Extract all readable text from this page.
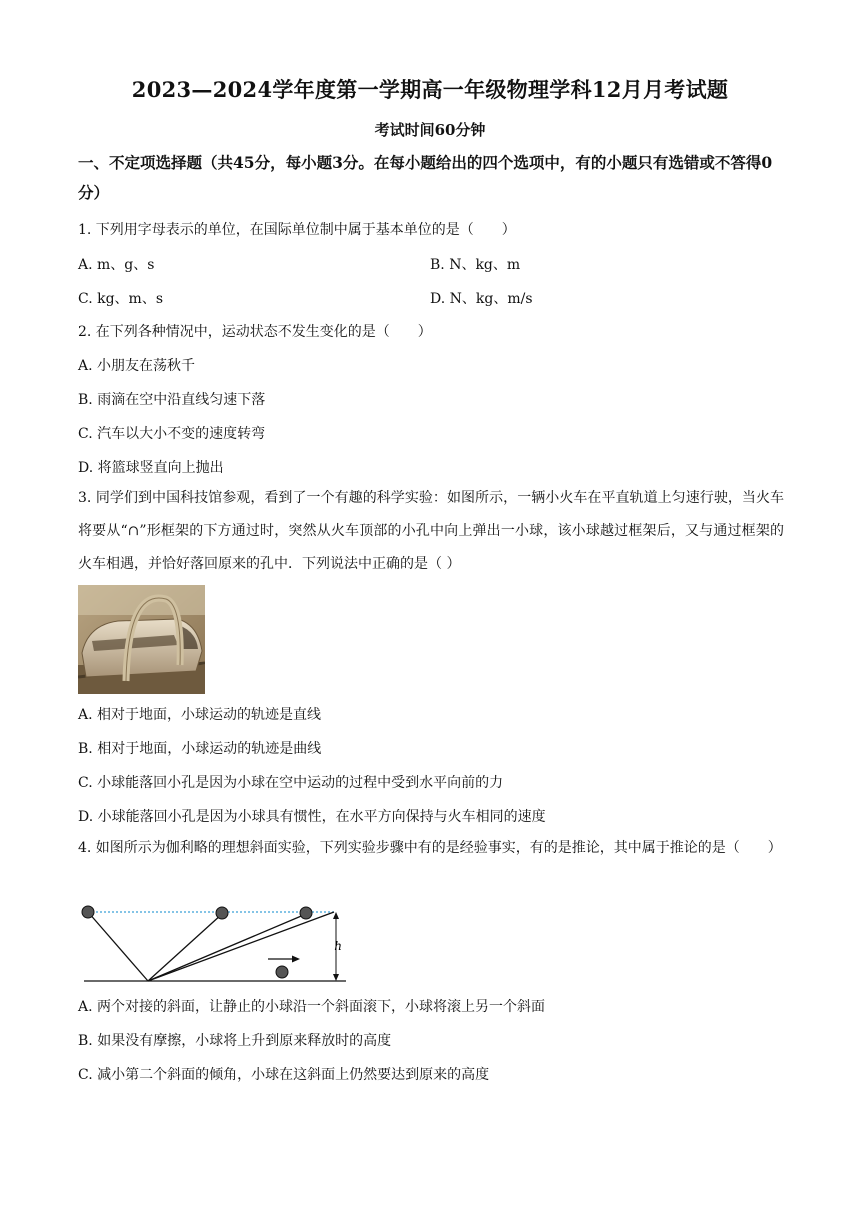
2023—2024学年度第一学期高一年级物理学科12月月考试题
考试时间60分钟
一、不定项选择题（共45分，每小题3分。在每小题给出的四个选项中，有的小题只有选错或不答得0分）
1. 下列用字母表示的单位，在国际单位制中属于基本单位的是（　　）
A. m、g、s	B. N、kg、m
C. kg、m、s	D. N、kg、m/s
2. 在下列各种情况中，运动状态不发生变化的是（　　）
A. 小朋友在荡秋千
B. 雨滴在空中沿直线匀速下落
C. 汽车以大小不变的速度转弯
D. 将篮球竖直向上抛出
3. 同学们到中国科技馆参观，看到了一个有趣的科学实验：如图所示，一辆小火车在平直轨道上匀速行驶，当火车将要从“∩”形框架的下方通过时，突然从火车顶部的小孔中向上弹出一小球，该小球越过框架后，又与通过框架的火车相遇，并恰好落回原来的孔中．下列说法中正确的是（ ）
A. 相对于地面，小球运动的轨迹是直线
B. 相对于地面，小球运动的轨迹是曲线
C. 小球能落回小孔是因为小球在空中运动的过程中受到水平向前的力
D. 小球能落回小孔是因为小球具有惯性，在水平方向保持与火车相同的速度
4. 如图所示为伽利略的理想斜面实验，下列实验步骤中有的是经验事实，有的是推论，其中属于推论的是（　　）
h
A. 两个对接的斜面，让静止的小球沿一个斜面滚下，小球将滚上另一个斜面
B. 如果没有摩擦，小球将上升到原来释放时的高度
C. 减小第二个斜面的倾角，小球在这斜面上仍然要达到原来的高度
